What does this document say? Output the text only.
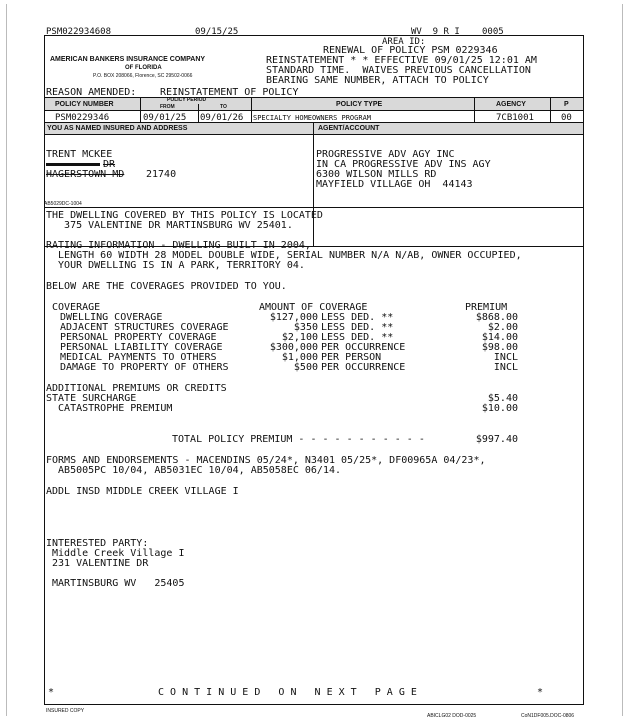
PSM022934608	09/15/25	WV  9 R I 0005
AREA ID:
AMERICAN BANKERS INSURANCE COMPANY
OF FLORIDA
P.O. BOX 208066, Florence, SC 29502-0066
RENEWAL OF POLICY PSM 0229346
REINSTATEMENT * * EFFECTIVE 09/01/25 12:01 AM
STANDARD TIME.  WAIVES PREVIOUS CANCELLATION
BEARING SAME NUMBER, ATTACH TO POLICY
REASON AMENDED: REINSTATEMENT OF POLICY
POLICY NUMBER
POLICY PERIOD
FROM	TO	POLICY TYPE	AGENCY	P
PSM0229346	09/01/25 09/01/26 SPECIALTY HOMEOWNERS PROGRAM	7CB1001	00
YOU AS NAMED INSURED AND ADDRESS	AGENT/ACCOUNT
TRENT MCKEE
DR
HAGERSTOWN MD 21740
PROGRESSIVE ADV AGY INC
IN CA PROGRESSIVE ADV INS AGY
6300 WILSON MILLS RD
MAYFIELD VILLAGE OH  44143
AB5029DC-1004
THE DWELLING COVERED BY THIS POLICY IS LOCATED
375 VALENTINE DR MARTINSBURG WV 25401.
RATING INFORMATION - DWELLING BUILT IN 2004,
LENGTH 60 WIDTH 28 MODEL DOUBLE WIDE, SERIAL NUMBER N/A N/AB, OWNER OCCUPIED,
YOUR DWELLING IS IN A PARK, TERRITORY 04.
BELOW ARE THE COVERAGES PROVIDED TO YOU.
COVERAGE	AMOUNT OF COVERAGE	PREMIUM
DWELLING COVERAGE	$127,000 LESS DED. **	$868.00
ADJACENT STRUCTURES COVERAGE	$350 LESS DED. **	$2.00
PERSONAL PROPERTY COVERAGE	$2,100 LESS DED. **	$14.00
PERSONAL LIABILITY COVERAGE	$300,000 PER OCCURRENCE	$98.00
MEDICAL PAYMENTS TO OTHERS	$1,000 PER PERSON	INCL
DAMAGE TO PROPERTY OF OTHERS	$500 PER OCCURRENCE	INCL
ADDITIONAL PREMIUMS OR CREDITS
STATE SURCHARGE	$5.40
CATASTROPHE PREMIUM	$10.00
TOTAL POLICY PREMIUM - - - - - - - - - - -	$997.40
FORMS AND ENDORSEMENTS - MACENDINS 05/24*, N3401 05/25*, DF00965A 04/23*,
AB5005PC 10/04, AB5031EC 10/04, AB5058EC 06/14.
ADDL INSD MIDDLE CREEK VILLAGE I
INTERESTED PARTY:
Middle Creek Village I
231 VALENTINE DR
MARTINSBURG WV   25405
*	C O N T I N U E D   O N   N E X T   P A G E	*
INSURED COPY
ABICLG02 DOD-0025	CoN1DF005.DOC-0806
